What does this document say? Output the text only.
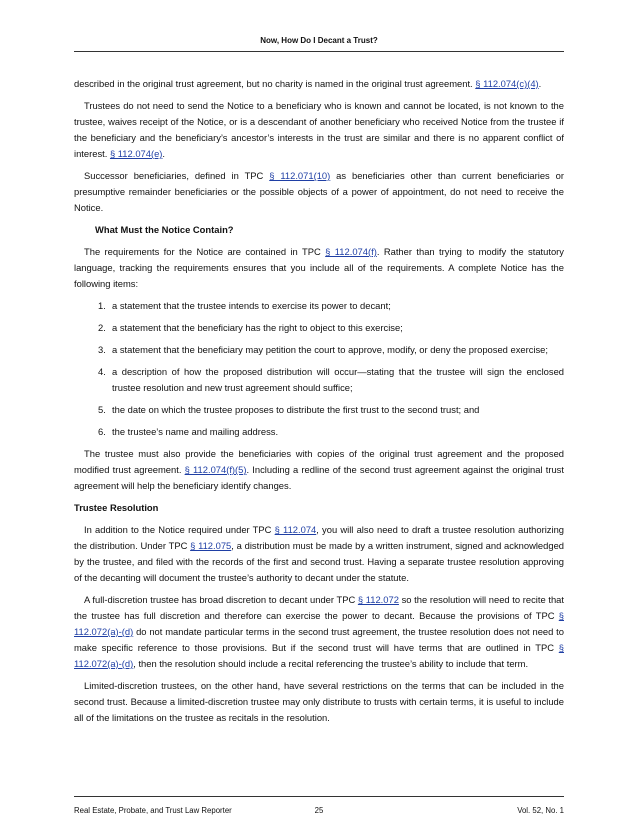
Now, How Do I Decant a Trust?

described in the original trust agreement, but no charity is named in the original trust agreement. § 112.074(c)(4).

Trustees do not need to send the Notice to a beneficiary who is known and cannot be located, is not known to the trustee, waives receipt of the Notice, or is a descendant of another beneficiary who received Notice from the trustee if the beneficiary and the beneficiary’s ancestor’s interests in the trust are similar and there is no apparent conflict of interest. § 112.074(e).

Successor beneficiaries, defined in TPC § 112.071(10) as beneficiaries other than current beneficiaries or presumptive remainder beneficiaries or the possible objects of a power of appointment, do not need to receive the Notice.

What Must the Notice Contain?

The requirements for the Notice are contained in TPC § 112.074(f). Rather than trying to modify the statutory language, tracking the requirements ensures that you include all of the requirements. A complete Notice has the following items:

1. a statement that the trustee intends to exercise its power to decant;
2. a statement that the beneficiary has the right to object to this exercise;
3. a statement that the beneficiary may petition the court to approve, modify, or deny the proposed exercise;
4. a description of how the proposed distribution will occur—stating that the trustee will sign the enclosed trustee resolution and new trust agreement should suffice;
5. the date on which the trustee proposes to distribute the first trust to the second trust; and
6. the trustee’s name and mailing address.

The trustee must also provide the beneficiaries with copies of the original trust agreement and the proposed modified trust agreement. § 112.074(f)(5). Including a redline of the second trust agreement against the original trust agreement will help the beneficiary identify changes.

Trustee Resolution

In addition to the Notice required under TPC § 112.074, you will also need to draft a trustee resolution authorizing the distribution. Under TPC § 112.075, a distribution must be made by a written instrument, signed and acknowledged by the trustee, and filed with the records of the first and second trust. Having a separate trustee resolution approving of the decanting will document the trustee’s authority to decant under the statute.

A full-discretion trustee has broad discretion to decant under TPC § 112.072 so the resolution will need to recite that the trustee has full discretion and therefore can exercise the power to decant. Because the provisions of TPC § 112.072(a)-(d) do not mandate particular terms in the second trust agreement, the trustee resolution does not need to make specific reference to those provisions. But if the second trust will have terms that are outlined in TPC § 112.072(a)-(d), then the resolution should include a recital referencing the trustee’s ability to include that term.

Limited-discretion trustees, on the other hand, have several restrictions on the terms that can be included in the second trust. Because a limited-discretion trustee may only distribute to trusts with certain terms, it is useful to include all of the limitations on the trustee as recitals in the resolution.

Real Estate, Probate, and Trust Law Reporter	25	Vol. 52, No. 1
